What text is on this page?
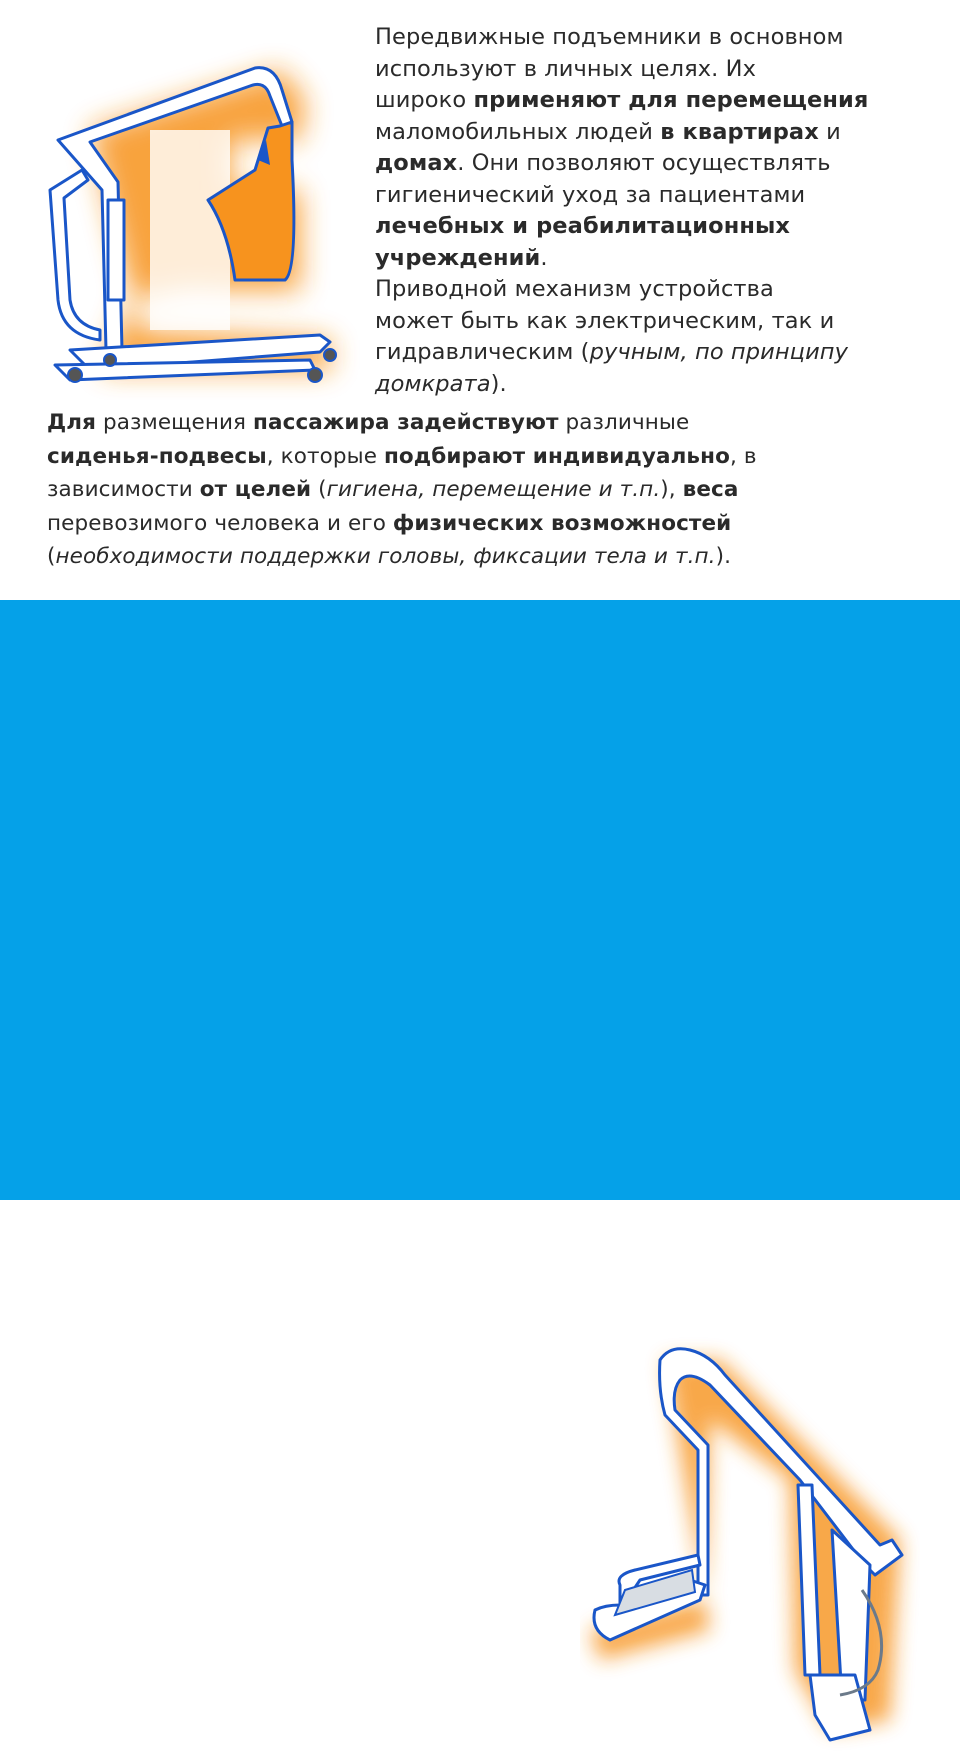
Передвижные подъемники в основном
используют в личных целях. Их
широко применяют для перемещения
маломобильных людей в квартирах и
домах. Они позволяют осуществлять
гигиенический уход за пациентами
лечебных и реабилитационных
учреждений.
Приводной механизм устройства
может быть как электрическим, так и
гидравлическим (ручным, по принципу
домкрата).
Для размещения пассажира задействуют различные
сиденья-подвесы, которые подбирают индивидуально, в
зависимости от целей (гигиена, перемещение и т.п.), веса
перевозимого человека и его физических возможностей
(необходимости поддержки головы, фиксации тела и т.п.).
Подъемники для бассейна также могут комплектоваться
различными приводными механизмами
(электропривод/гидропривод).
Устройства используют не только в
оздоровительных учреждениях,
санаториях и центрах реабилитации, но
также и в частных домах,
оборудованных басейном.
Для предотвращения образования
ржавчины конструкция изготавливается
из нержавеющей стали, либо металла с
антикоррозийным покрытием.
Все электрические компоненты
подъемника имеют защиту от
попадания влаги.
